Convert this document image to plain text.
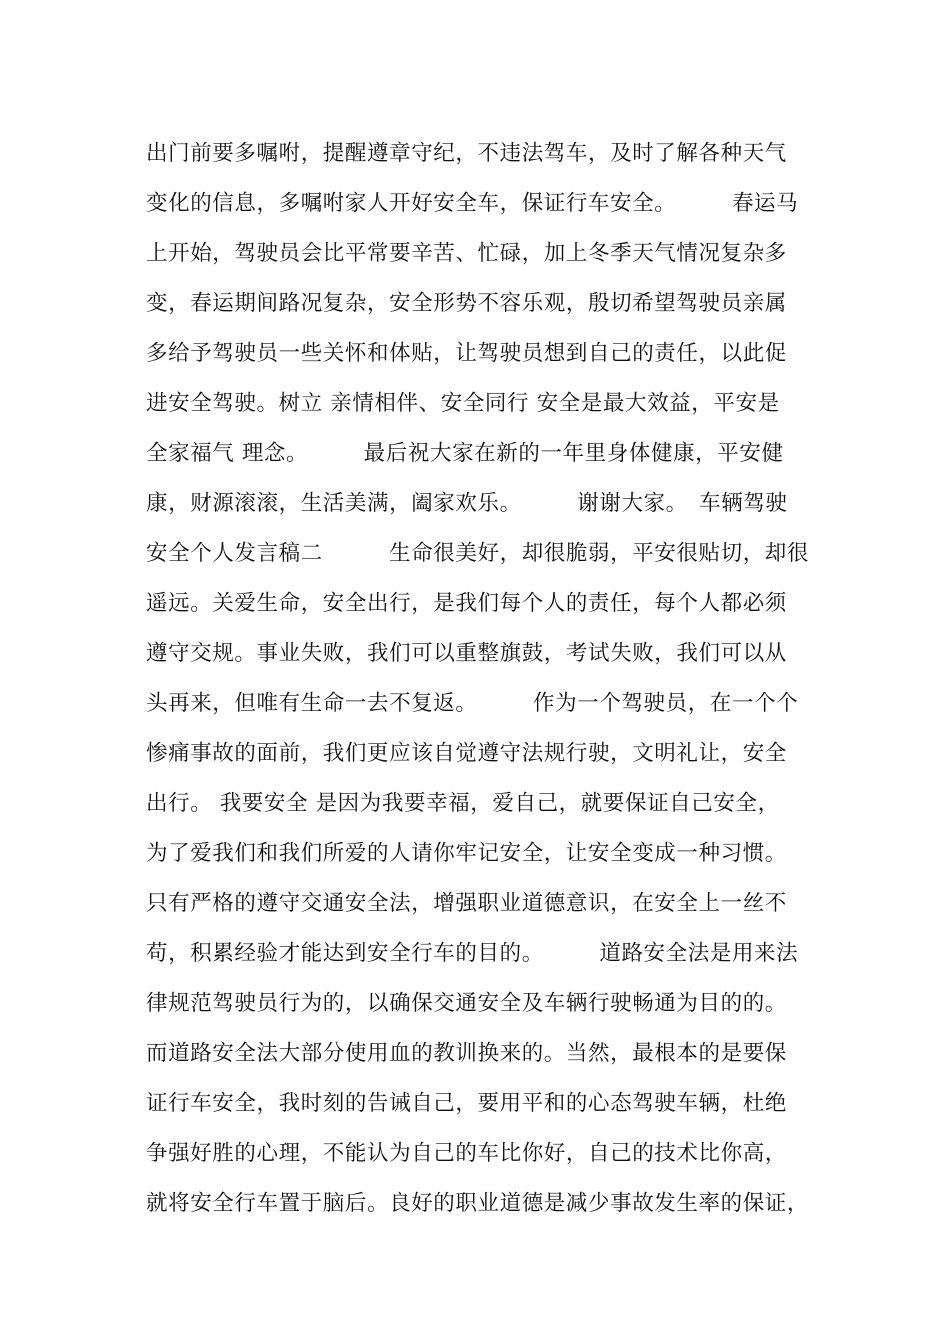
出门前要多嘱咐，提醒遵章守纪，不违法驾车，及时了解各种天气
变化的信息，多嘱咐家人开好安全车，保证行车安全。　　　春运马
上开始，驾驶员会比平常要辛苦、忙碌，加上冬季天气情况复杂多
变，春运期间路况复杂，安全形势不容乐观，殷切希望驾驶员亲属
多给予驾驶员一些关怀和体贴，让驾驶员想到自己的责任，以此促
进安全驾驶。树立 亲情相伴、安全同行 安全是最大效益，平安是
全家福气 理念。　　　最后祝大家在新的一年里身体健康，平安健
康，财源滚滚，生活美满，阖家欢乐。　　　谢谢大家。　车辆驾驶
安全个人发言稿二　　　生命很美好，却很脆弱，平安很贴切，却很
遥远。关爱生命，安全出行，是我们每个人的责任，每个人都必须
遵守交规。事业失败，我们可以重整旗鼓，考试失败，我们可以从
头再来，但唯有生命一去不复返。　　　作为一个驾驶员，在一个个
惨痛事故的面前，我们更应该自觉遵守法规行驶，文明礼让，安全
出行。 我要安全 是因为我要幸福，爱自己，就要保证自己安全，
为了爱我们和我们所爱的人请你牢记安全，让安全变成一种习惯。
只有严格的遵守交通安全法，增强职业道德意识，在安全上一丝不
苟，积累经验才能达到安全行车的目的。　　　道路安全法是用来法
律规范驾驶员行为的，以确保交通安全及车辆行驶畅通为目的的。
而道路安全法大部分使用血的教训换来的。当然，最根本的是要保
证行车安全，我时刻的告诫自己，要用平和的心态驾驶车辆，杜绝
争强好胜的心理，不能认为自己的车比你好，自己的技术比你高，
就将安全行车置于脑后。良好的职业道德是减少事故发生率的保证，
